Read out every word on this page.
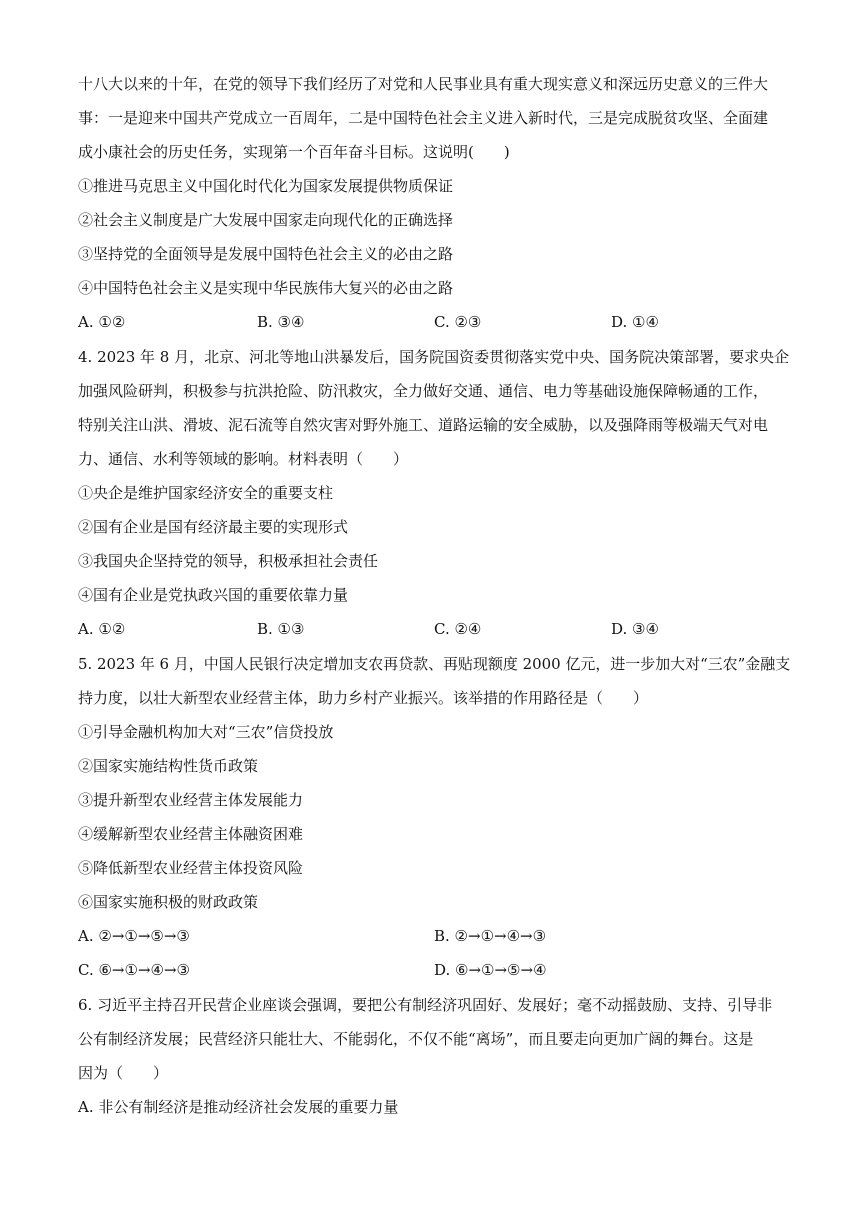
十八大以来的十年，在党的领导下我们经历了对党和人民事业具有重大现实意义和深远历史意义的三件大
事：一是迎来中国共产党成立一百周年，二是中国特色社会主义进入新时代，三是完成脱贫攻坚、全面建
成小康社会的历史任务，实现第一个百年奋斗目标。这说明(　　)
①推进马克思主义中国化时代化为国家发展提供物质保证
②社会主义制度是广大发展中国家走向现代化的正确选择
③坚持党的全面领导是发展中国特色社会主义的必由之路
④中国特色社会主义是实现中华民族伟大复兴的必由之路
A. ①②	B. ③④	C. ②③	D. ①④
4. 2023 年 8 月，北京、河北等地山洪暴发后，国务院国资委贯彻落实党中央、国务院决策部署，要求央企
加强风险研判，积极参与抗洪抢险、防汛救灾，全力做好交通、通信、电力等基础设施保障畅通的工作，
特别关注山洪、滑坡、泥石流等自然灾害对野外施工、道路运输的安全威胁，以及强降雨等极端天气对电
力、通信、水利等领域的影响。材料表明（　　）
①央企是维护国家经济安全的重要支柱
②国有企业是国有经济最主要的实现形式
③我国央企坚持党的领导，积极承担社会责任
④国有企业是党执政兴国的重要依靠力量
A. ①②	B. ①③	C. ②④	D. ③④
5. 2023 年 6 月，中国人民银行决定增加支农再贷款、再贴现额度 2000 亿元，进一步加大对“三农”金融支
持力度，以壮大新型农业经营主体，助力乡村产业振兴。该举措的作用路径是（　　）
①引导金融机构加大对“三农”信贷投放
②国家实施结构性货币政策
③提升新型农业经营主体发展能力
④缓解新型农业经营主体融资困难
⑤降低新型农业经营主体投资风险
⑥国家实施积极的财政政策
A. ②→①→⑤→③	B. ②→①→④→③
C. ⑥→①→④→③	D. ⑥→①→⑤→④
6. 习近平主持召开民营企业座谈会强调，要把公有制经济巩固好、发展好；毫不动摇鼓励、支持、引导非
公有制经济发展；民营经济只能壮大、不能弱化，不仅不能“离场”，而且要走向更加广阔的舞台。这是
因为（　　）
A. 非公有制经济是推动经济社会发展的重要力量
